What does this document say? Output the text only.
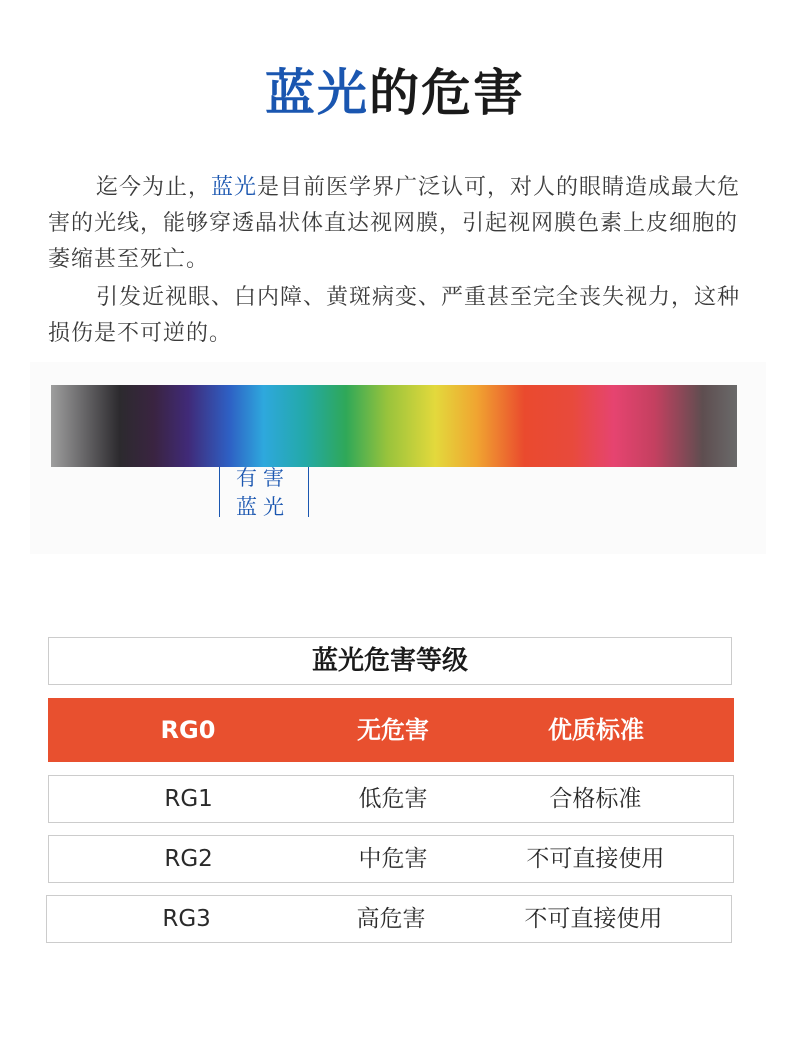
蓝光的危害
迄今为止，蓝光是目前医学界广泛认可，对人的眼睛造成最大危害的光线，能够穿透晶状体直达视网膜，引起视网膜色素上皮细胞的萎缩甚至死亡。
引发近视眼、白内障、黄斑病变、严重甚至完全丧失视力，这种损伤是不可逆的。
有害
蓝光
蓝光危害等级
RG0	无危害	优质标准
RG1	低危害	合格标准
RG2	中危害	不可直接使用
RG3	高危害	不可直接使用
